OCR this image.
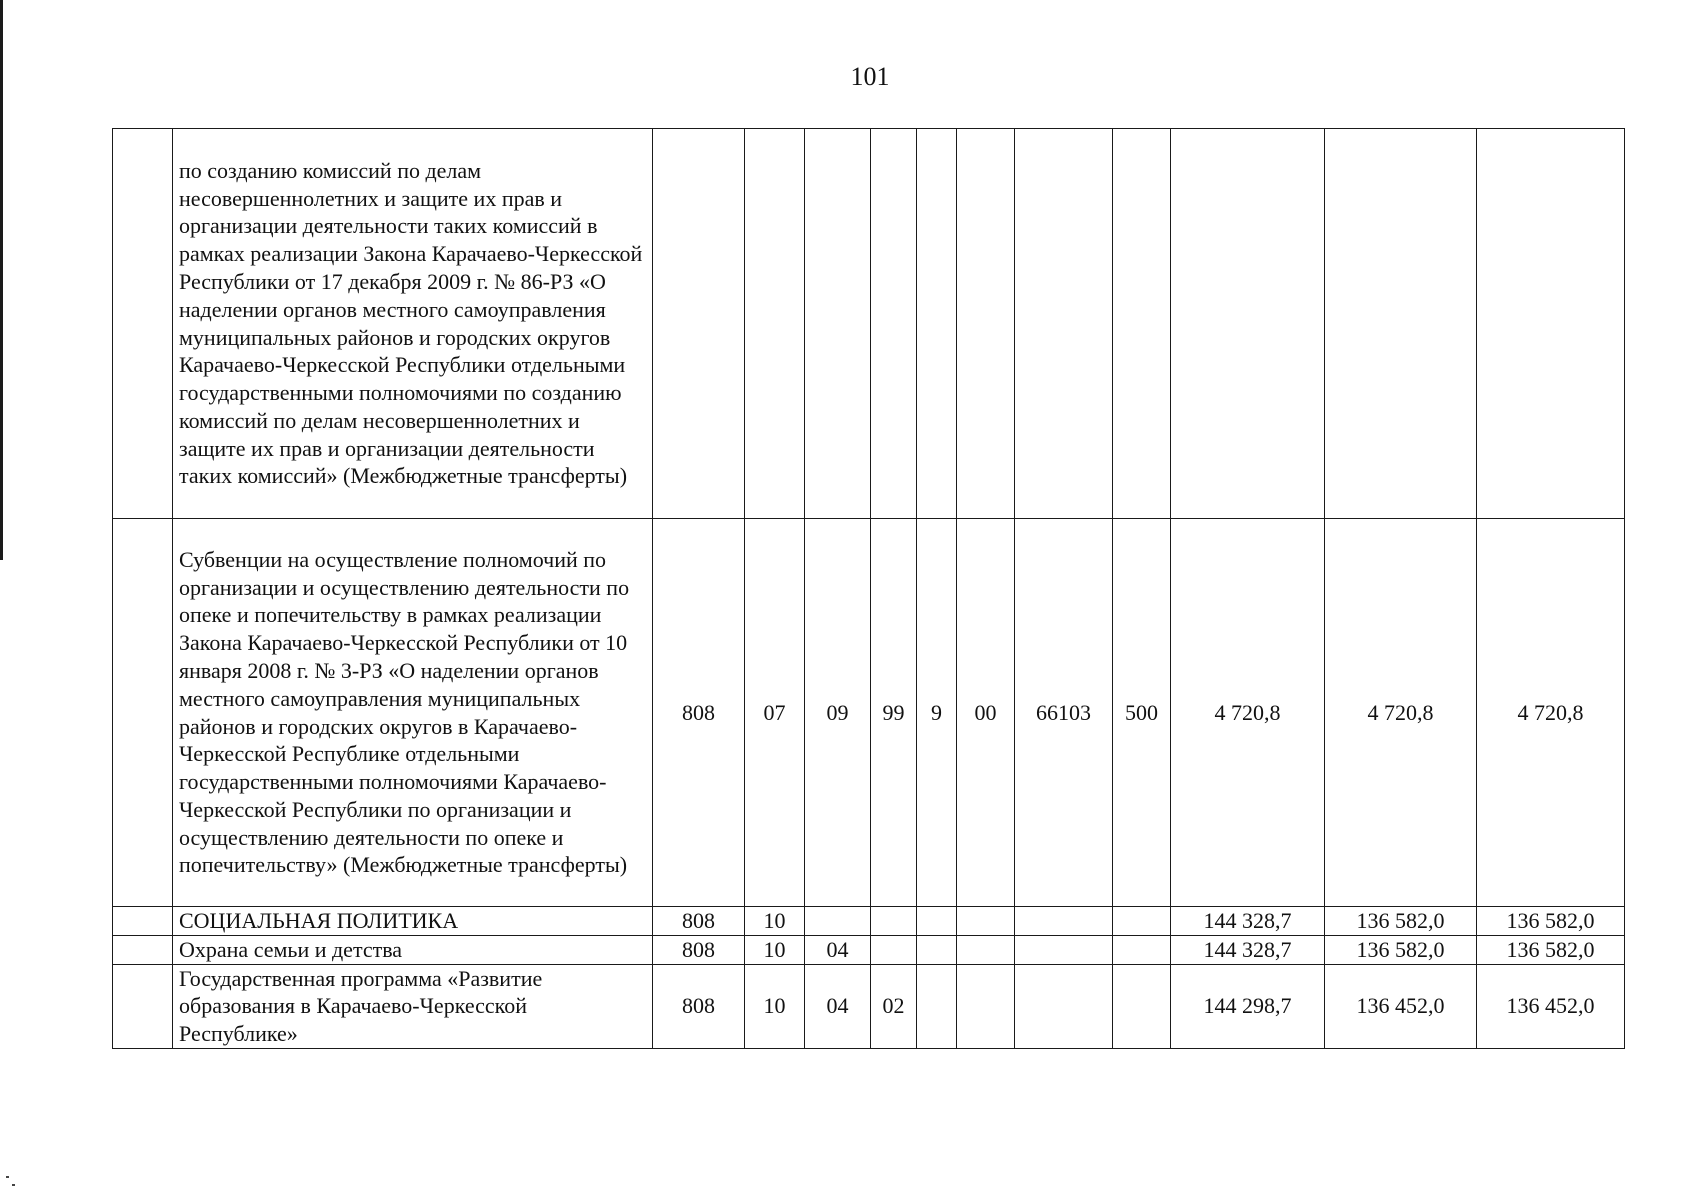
101
	по созданию комиссий по делам несовершеннолетних и защите их прав и организации деятельности таких комиссий в рамках реализации Закона Карачаево-Черкесской Республики от 17 декабря 2009 г. № 86-РЗ «О наделении органов местного самоуправления муниципальных районов и городских округов Карачаево-Черкесской Республики отдельными государственными полномочиями по созданию комиссий по делам несовершеннолетних и защите их прав и организации деятельности таких комиссий» (Межбюджетные трансферты)											
	Субвенции на осуществление полномочий по организации и осуществлению деятельности по опеке и попечительству в рамках реализации Закона Карачаево-Черкесской Республики от 10 января 2008 г. № 3-РЗ «О наделении органов местного самоуправления муниципальных районов и городских округов в Карачаево-Черкесской Республике отдельными государственными полномочиями Карачаево-Черкесской Республики по организации и осуществлению деятельности по опеке и попечительству» (Межбюджетные трансферты)	808	07	09	99	9	00	66103	500	4 720,8	4 720,8	4 720,8
	СОЦИАЛЬНАЯ ПОЛИТИКА	808	10							144 328,7	136 582,0	136 582,0
	Охрана семьи и детства	808	10	04						144 328,7	136 582,0	136 582,0
	Государственная программа «Развитие образования в Карачаево-Черкесской Республике»	808	10	04	02					144 298,7	136 452,0	136 452,0
